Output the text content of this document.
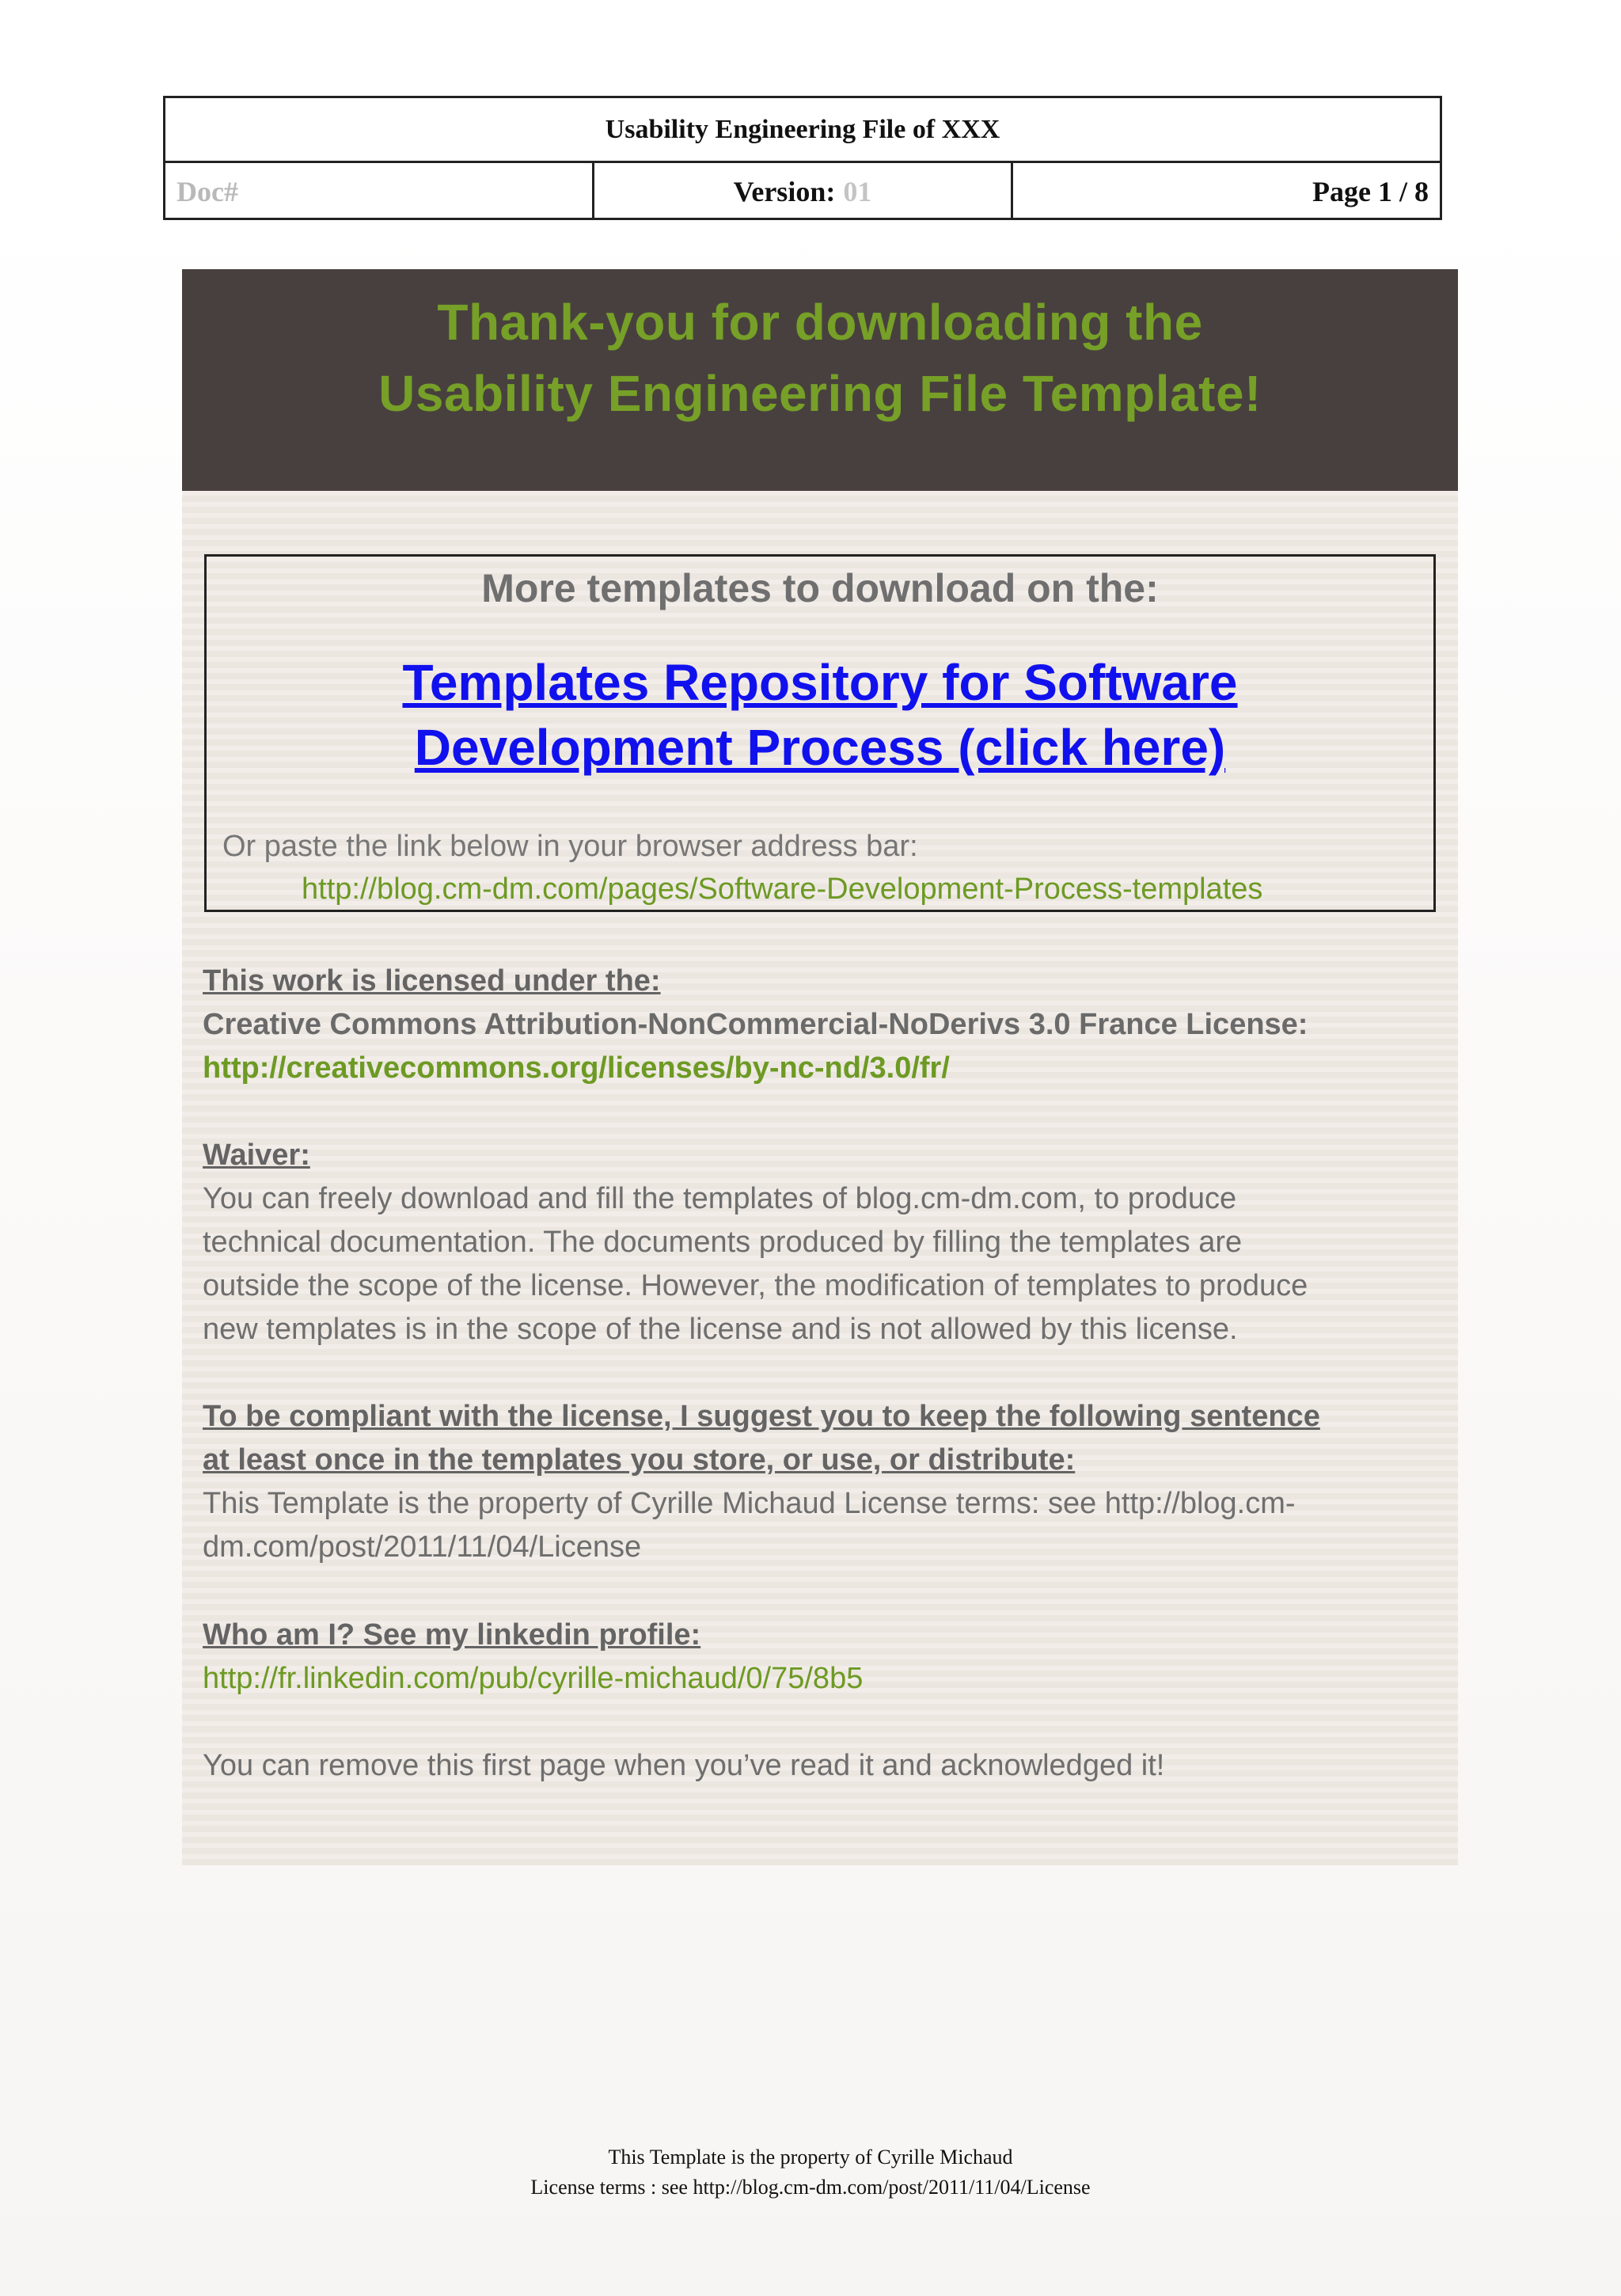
Usability Engineering File of XXX
Doc#	Version: 01	Page 1 / 8
Thank-you for downloading the
Usability Engineering File Template!
More templates to download on the:
Templates Repository for Software
Development Process (click here)
Or paste the link below in your browser address bar:
http://blog.cm-dm.com/pages/Software-Development-Process-templates
This work is licensed under the:
Creative Commons Attribution-NonCommercial-NoDerivs 3.0 France License:
http://creativecommons.org/licenses/by-nc-nd/3.0/fr/
Waiver:
You can freely download and fill the templates of blog.cm-dm.com, to produce
technical documentation. The documents produced by filling the templates are
outside the scope of the license. However, the modification of templates to produce
new templates is in the scope of the license and is not allowed by this license.
To be compliant with the license, I suggest you to keep the following sentence
at least once in the templates you store, or use, or distribute:
This Template is the property of Cyrille Michaud License terms: see http://blog.cm-
dm.com/post/2011/11/04/License
Who am I? See my linkedin profile:
http://fr.linkedin.com/pub/cyrille-michaud/0/75/8b5
You can remove this first page when you’ve read it and acknowledged it!
This Template is the property of Cyrille Michaud
License terms : see http://blog.cm-dm.com/post/2011/11/04/License
